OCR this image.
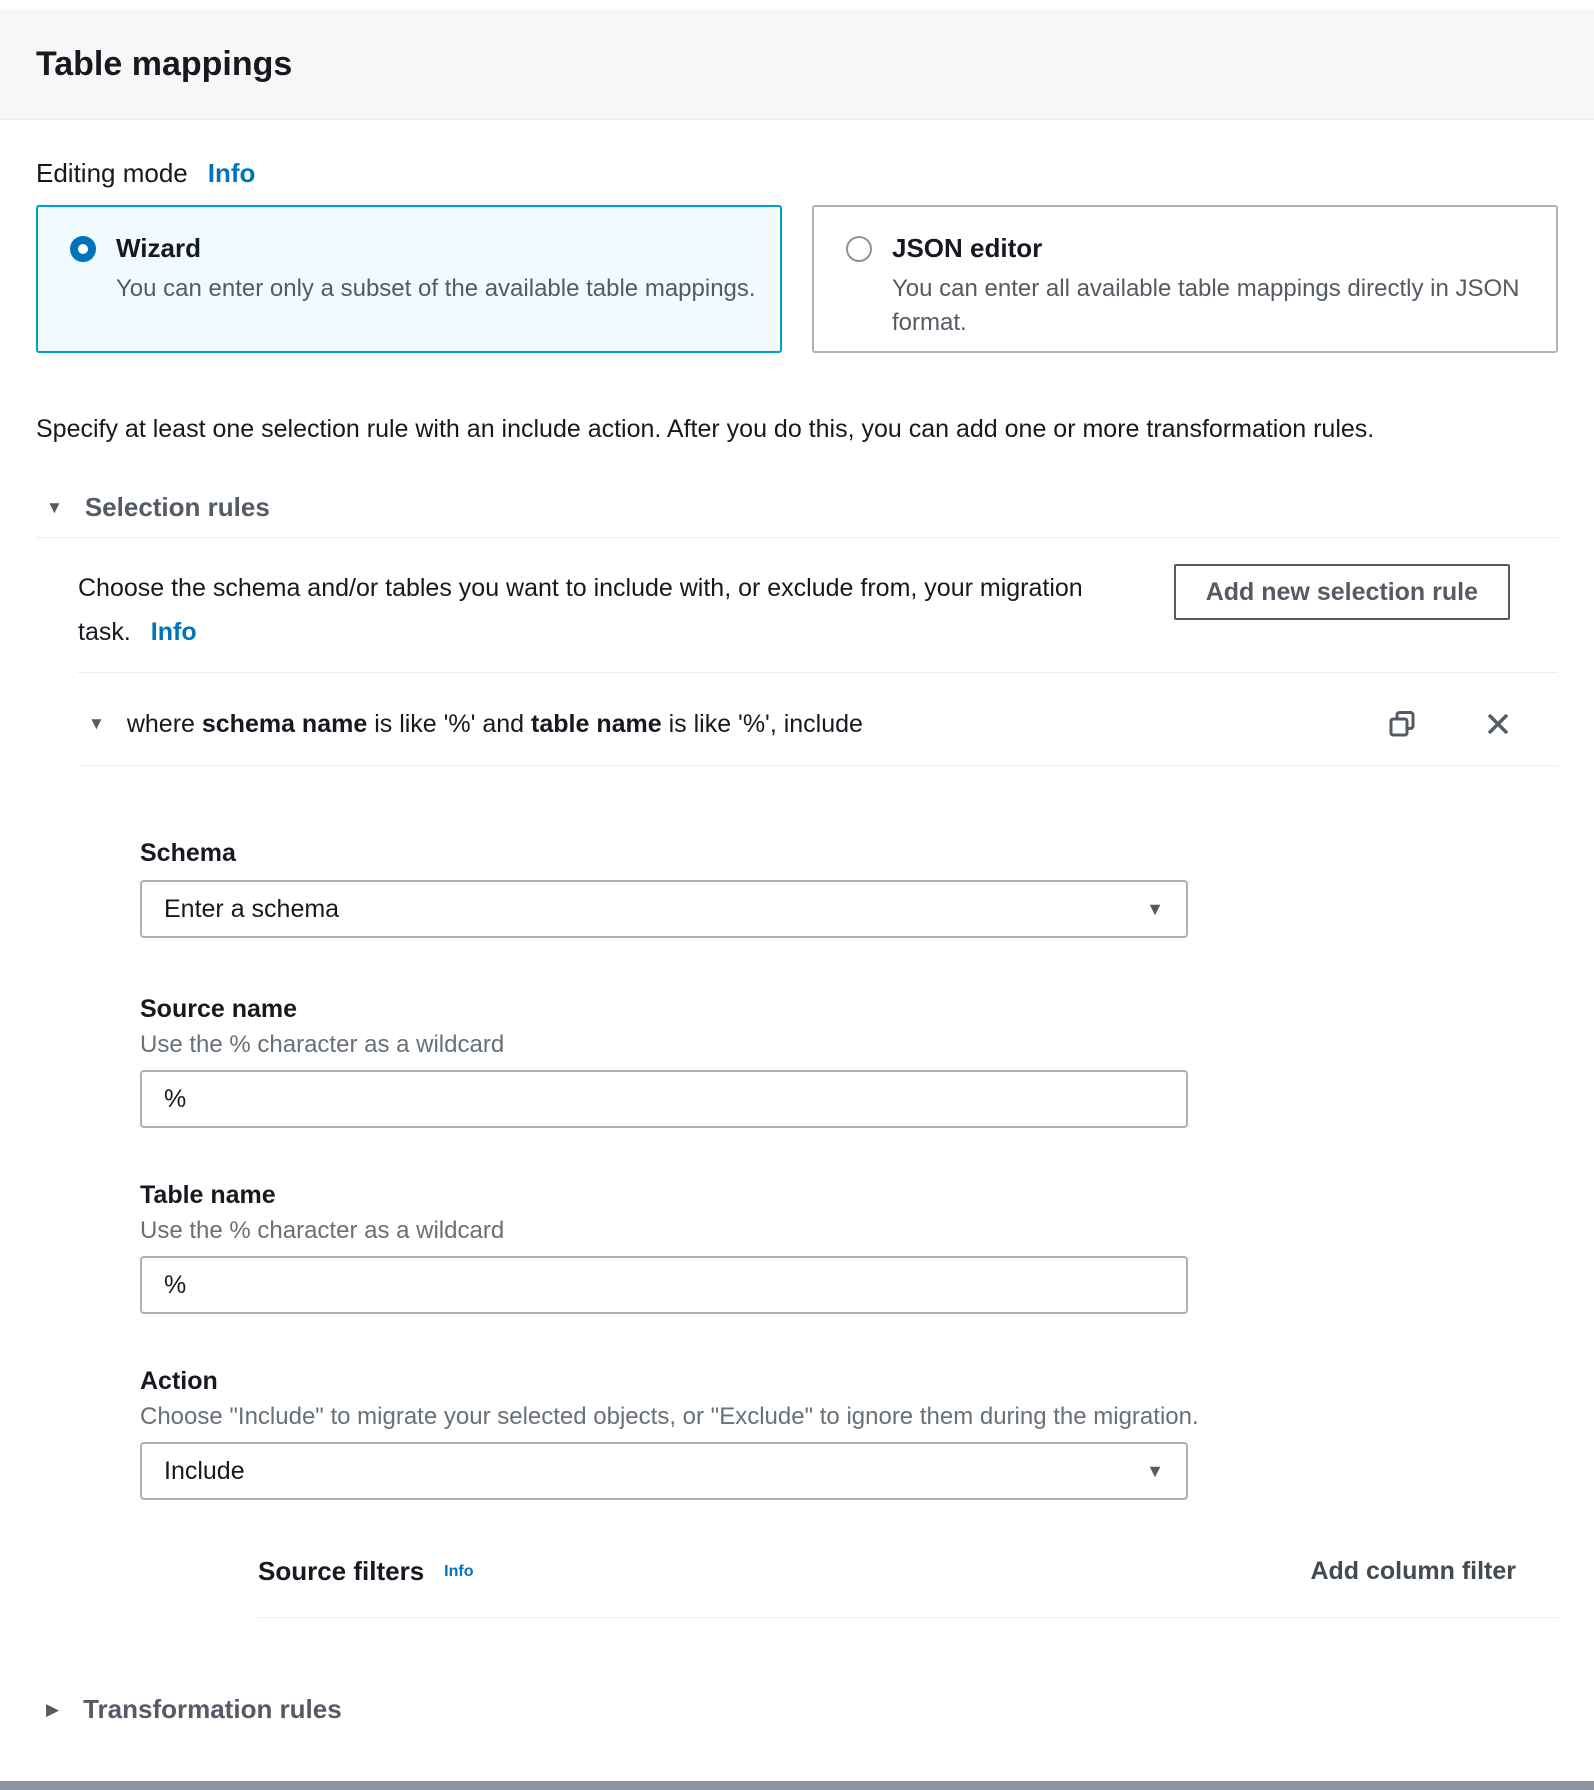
Table mappings
Editing mode Info
Wizard
You can enter only a subset of the available table mappings.
JSON editor
You can enter all available table mappings directly in JSON format.
Specify at least one selection rule with an include action. After you do this, you can add one or more transformation rules.
▼ Selection rules

Choose the schema and/or tables you want to include with, or exclude from, your migration task. Info

Add new selection rule
▼ where schema name is like '%' and table name is like '%', include
Schema
Enter a schema	▼
Source name
Use the % character as a wildcard
%
Table name
Use the % character as a wildcard
%
Action
Choose "Include" to migrate your selected objects, or "Exclude" to ignore them during the migration.
Include	▼
Source filters Info	Add column filter
▶ Transformation rules
